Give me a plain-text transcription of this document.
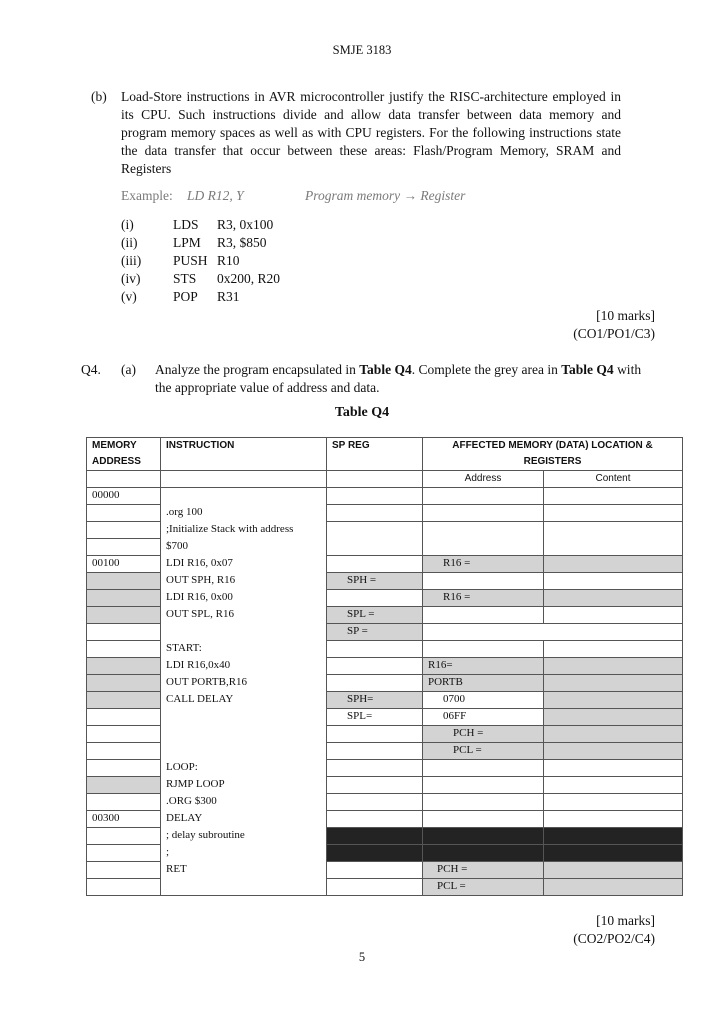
SMJE 3183
(b) Load-Store instructions in AVR microcontroller justify the RISC-architecture employed in its CPU. Such instructions divide and allow data transfer between data memory and program memory spaces as well as with CPU registers. For the following instructions state the data transfer that occur between these areas: Flash/Program Memory, SRAM and Registers
Example: LD R12, Y	Program memory → Register
(i)	LDS R3, 0x100
(ii)	LPM R3, $850
(iii) PUSH R10
(iv) STS 0x200, R20
(v)	POP R31
[10 marks]
(CO1/PO1/C3)
Q4. (a) Analyze the program encapsulated in Table Q4. Complete the grey area in Table Q4 with the appropriate value of address and data.
Table Q4
MEMORY	INSTRUCTION	SP REG	AFFECTED MEMORY (DATA) LOCATION &	
ADDRESS			REGISTERS	
			Address	Content
00000				
	.org 100			
	;Initialize Stack with address			
	$700			
00100	LDI R16, 0x07		R16 =	
	OUT SPH, R16	SPH =		
	LDI R16, 0x00		R16 =	
	OUT SPL, R16	SPL =		
		SP =		
	START:			
	LDI R16,0x40		R16=	
	OUT PORTB,R16		PORTB	
	CALL DELAY	SPH=	0700	
		SPL=	06FF	
			PCH =	
			PCL =	
	LOOP:			
	RJMP LOOP			
	.ORG $300			
00300	DELAY			
	; delay subroutine			
	;			
	RET		PCH =	
			PCL =	
[10 marks]
(CO2/PO2/C4)
5
